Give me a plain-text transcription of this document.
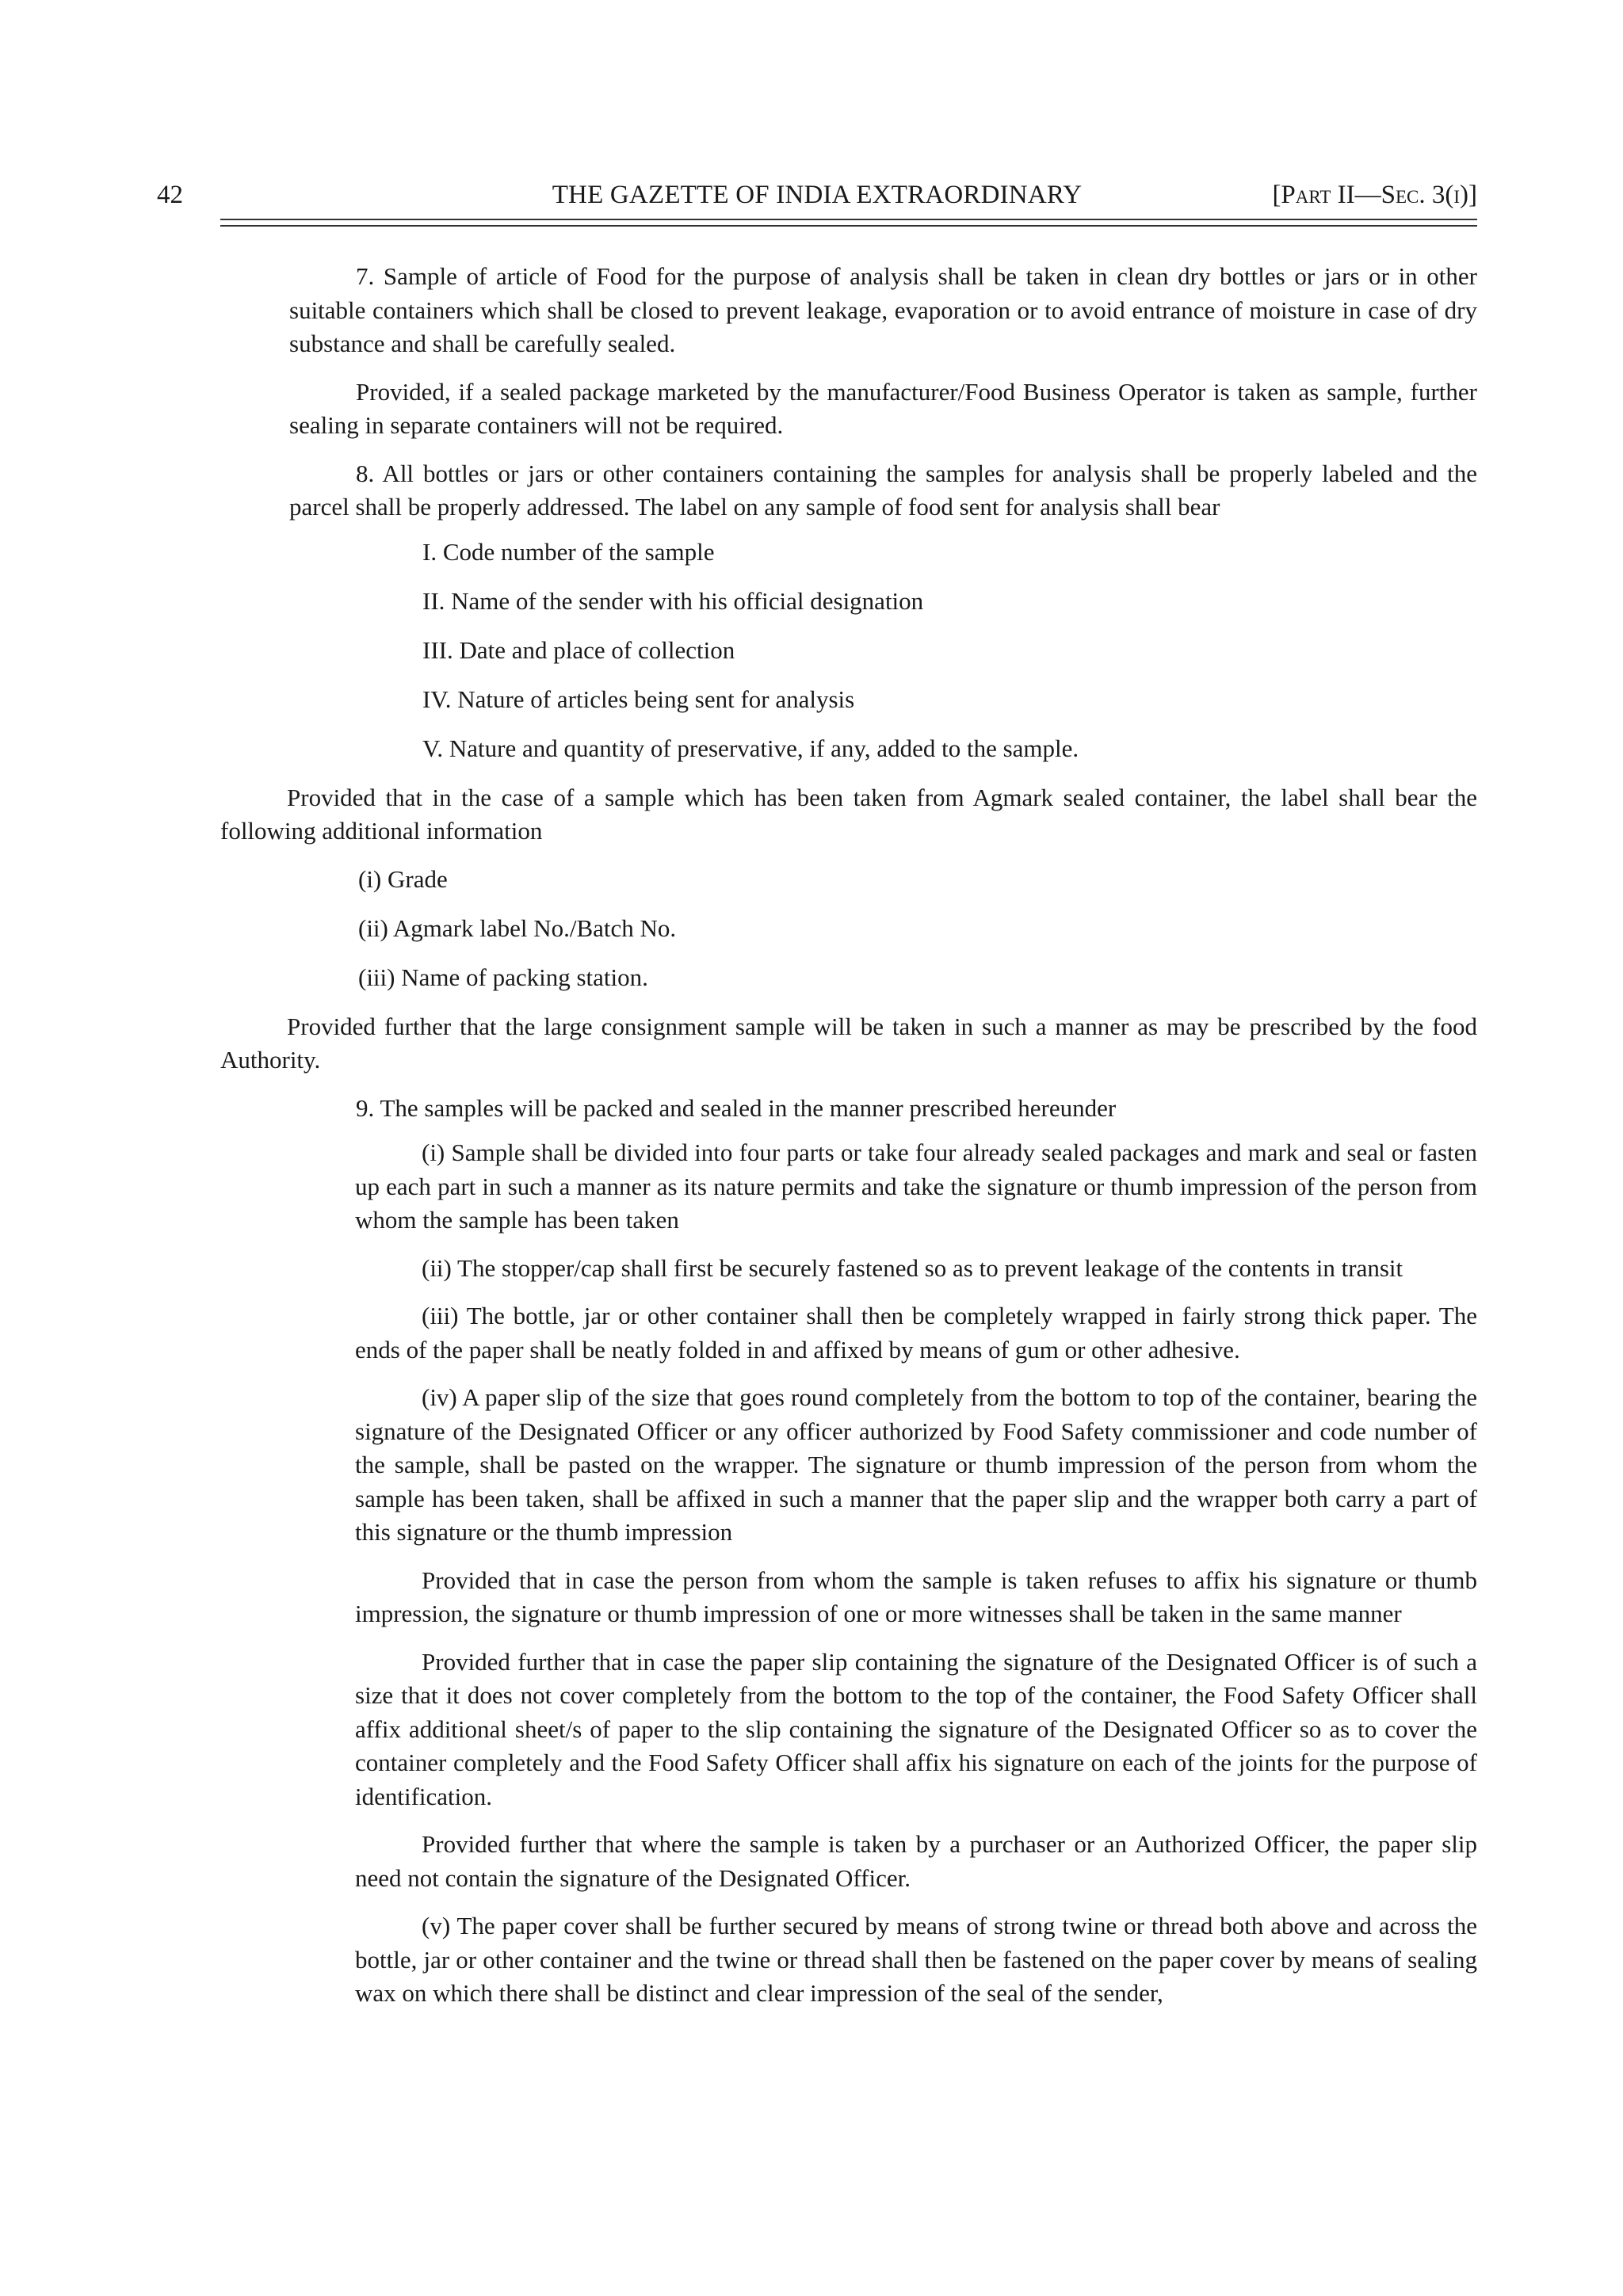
42	THE GAZETTE OF INDIA EXTRAORDINARY	[Part II—Sec. 3(i)]

7. Sample of article of Food for the purpose of analysis shall be taken in clean dry bottles or jars or in other suitable containers which shall be closed to prevent leakage, evaporation or to avoid entrance of moisture in case of dry substance and shall be carefully sealed.

Provided, if a sealed package marketed by the manufacturer/Food Business Operator is taken as sample, further sealing in separate containers will not be required.

8. All bottles or jars or other containers containing the samples for analysis shall be properly labeled and the parcel shall be properly addressed. The label on any sample of food sent for analysis shall bear

I. Code number of the sample
II. Name of the sender with his official designation
III. Date and place of collection
IV. Nature of articles being sent for analysis
V. Nature and quantity of preservative, if any, added to the sample.

Provided that in the case of a sample which has been taken from Agmark sealed container, the label shall bear the following additional information

(i) Grade
(ii) Agmark label No./Batch No.
(iii) Name of packing station.

Provided further that the large consignment sample will be taken in such a manner as may be prescribed by the food Authority.

9. The samples will be packed and sealed in the manner prescribed hereunder

(i) Sample shall be divided into four parts or take four already sealed packages and mark and seal or fasten up each part in such a manner as its nature permits and take the signature or thumb impression of the person from whom the sample has been taken

(ii) The stopper/cap shall first be securely fastened so as to prevent leakage of the contents in transit

(iii) The bottle, jar or other container shall then be completely wrapped in fairly strong thick paper. The ends of the paper shall be neatly folded in and affixed by means of gum or other adhesive.

(iv) A paper slip of the size that goes round completely from the bottom to top of the container, bearing the signature of the Designated Officer or any officer authorized by Food Safety commissioner and code number of the sample, shall be pasted on the wrapper. The signature or thumb impression of the person from whom the sample has been taken, shall be affixed in such a manner that the paper slip and the wrapper both carry a part of this signature or the thumb impression

Provided that in case the person from whom the sample is taken refuses to affix his signature or thumb impression, the signature or thumb impression of one or more witnesses shall be taken in the same manner

Provided further that in case the paper slip containing the signature of the Designated Officer is of such a size that it does not cover completely from the bottom to the top of the container, the Food Safety Officer shall affix additional sheet/s of paper to the slip containing the signature of the Designated Officer so as to cover the container completely and the Food Safety Officer shall affix his signature on each of the joints for the purpose of identification.

Provided further that where the sample is taken by a purchaser or an Authorized Officer, the paper slip need not contain the signature of the Designated Officer.

(v) The paper cover shall be further secured by means of strong twine or thread both above and across the bottle, jar or other container and the twine or thread shall then be fastened on the paper cover by means of sealing wax on which there shall be distinct and clear impression of the seal of the sender,
